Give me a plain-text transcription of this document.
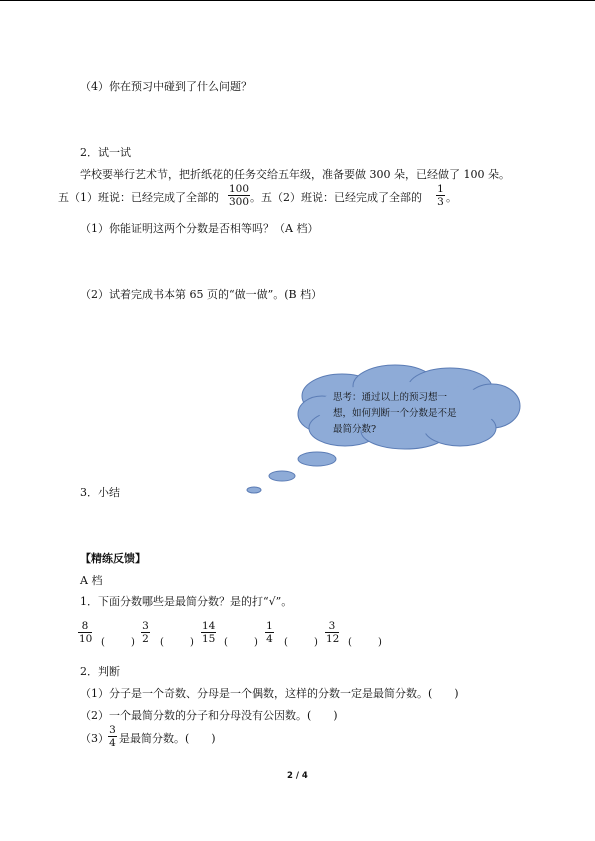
（4）你在预习中碰到了什么问题？
2．试一试
学校要举行艺术节，把折纸花的任务交给五年级，准备要做 300 朵，已经做了 100 朵。
五（1）班说：已经完成了全部的 $\frac{100}{300}$ 。五（2）班说：已经完成了全部的 $\frac{1}{3}$ 。
（1）你能证明这两个分数是否相等吗？（A 档）
（2）试着完成书本第 65 页的“做一做”。(B 档）
思考：通过以上的预习想一
想，如何判断一个分数是不是
最简分数?
3．小结
【精练反馈】
A 档
1．下面分数哪些是最简分数？是的打“√”。
$\frac{8}{10}$ (	) $\frac{3}{2}$ (	) $\frac{14}{15}$ (	) $\frac{1}{4}$ (	) $\frac{3}{12}$ (	)
2．判断
（1）分子是一个奇数、分母是一个偶数，这样的分数一定是最简分数。(　　)
（2）一个最简分数的分子和分母没有公因数。(　　)
$(3) \frac{3}{4}$ 是最简分数。(　　)
2 / 4
